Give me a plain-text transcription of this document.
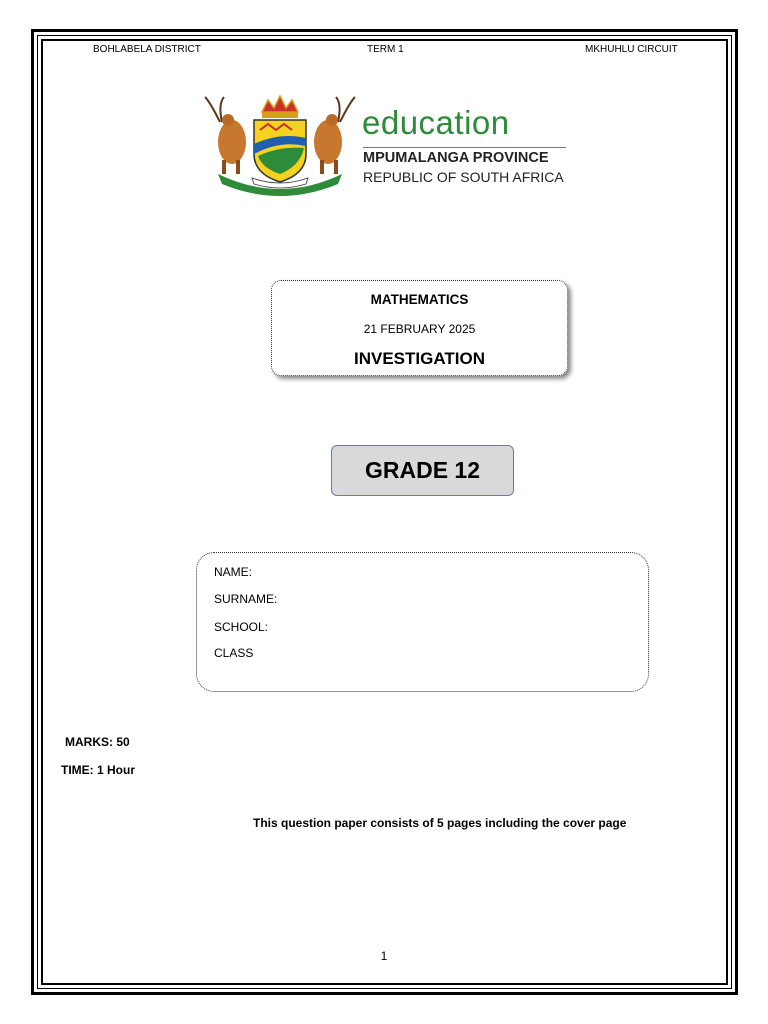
BOHLABELA DISTRICT	TERM 1	MKHUHLU CIRCUIT
education
MPUMALANGA PROVINCE
REPUBLIC OF SOUTH AFRICA
MATHEMATICS
21 FEBRUARY 2025
INVESTIGATION
GRADE 12
NAME:
SURNAME:
SCHOOL:
CLASS
MARKS: 50
TIME: 1 Hour
This question paper consists of 5 pages including the cover page
1
